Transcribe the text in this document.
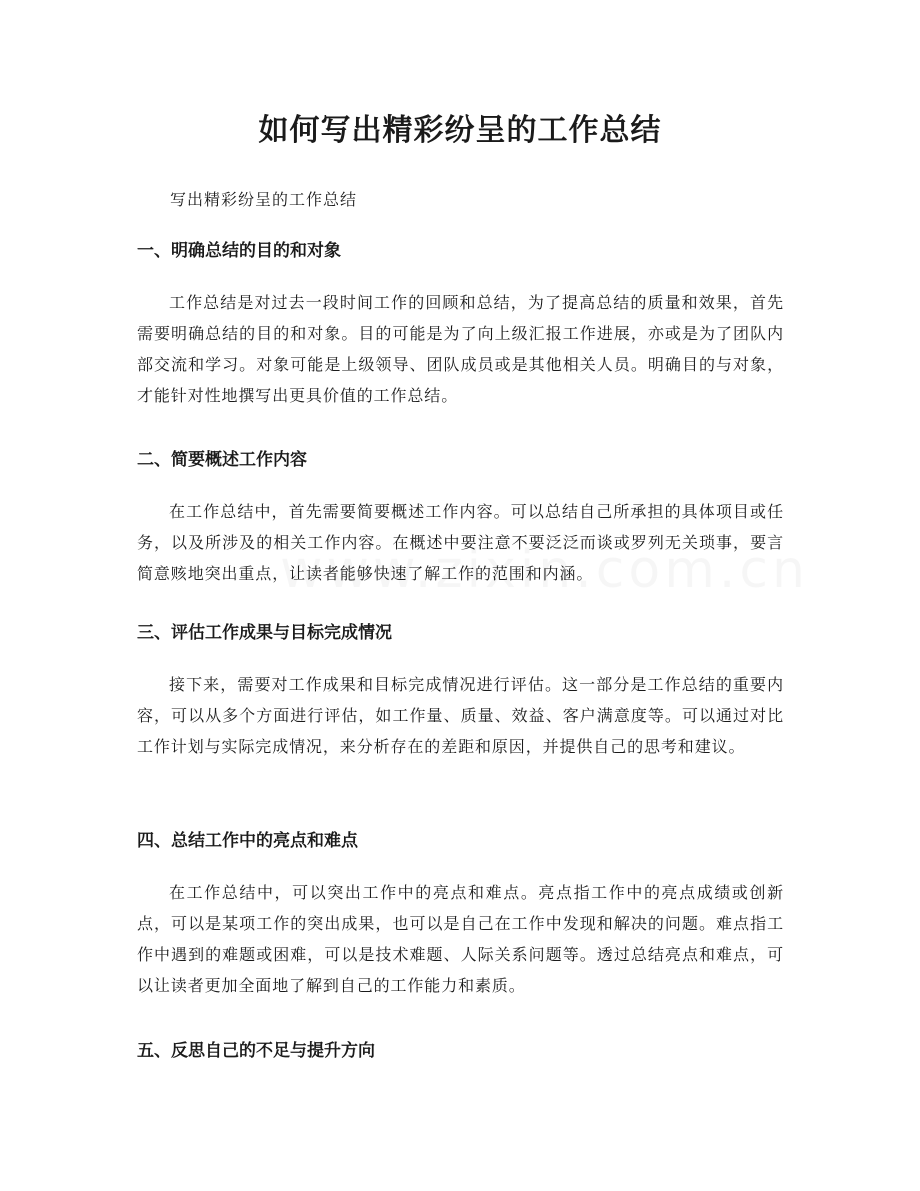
如何写出精彩纷呈的工作总结

写出精彩纷呈的工作总结

一、明确总结的目的和对象

工作总结是对过去一段时间工作的回顾和总结，为了提高总结的质量和效果，首先需要明确总结的目的和对象。目的可能是为了向上级汇报工作进展，亦或是为了团队内部交流和学习。对象可能是上级领导、团队成员或是其他相关人员。明确目的与对象，才能针对性地撰写出更具价值的工作总结。

二、简要概述工作内容

在工作总结中，首先需要简要概述工作内容。可以总结自己所承担的具体项目或任务，以及所涉及的相关工作内容。在概述中要注意不要泛泛而谈或罗列无关琐事，要言简意赅地突出重点，让读者能够快速了解工作的范围和内涵。

三、评估工作成果与目标完成情况

接下来，需要对工作成果和目标完成情况进行评估。这一部分是工作总结的重要内容，可以从多个方面进行评估，如工作量、质量、效益、客户满意度等。可以通过对比工作计划与实际完成情况，来分析存在的差距和原因，并提供自己的思考和建议。

四、总结工作中的亮点和难点

在工作总结中，可以突出工作中的亮点和难点。亮点指工作中的亮点成绩或创新点，可以是某项工作的突出成果，也可以是自己在工作中发现和解决的问题。难点指工作中遇到的难题或困难，可以是技术难题、人际关系问题等。透过总结亮点和难点，可以让读者更加全面地了解到自己的工作能力和素质。

五、反思自己的不足与提升方向
